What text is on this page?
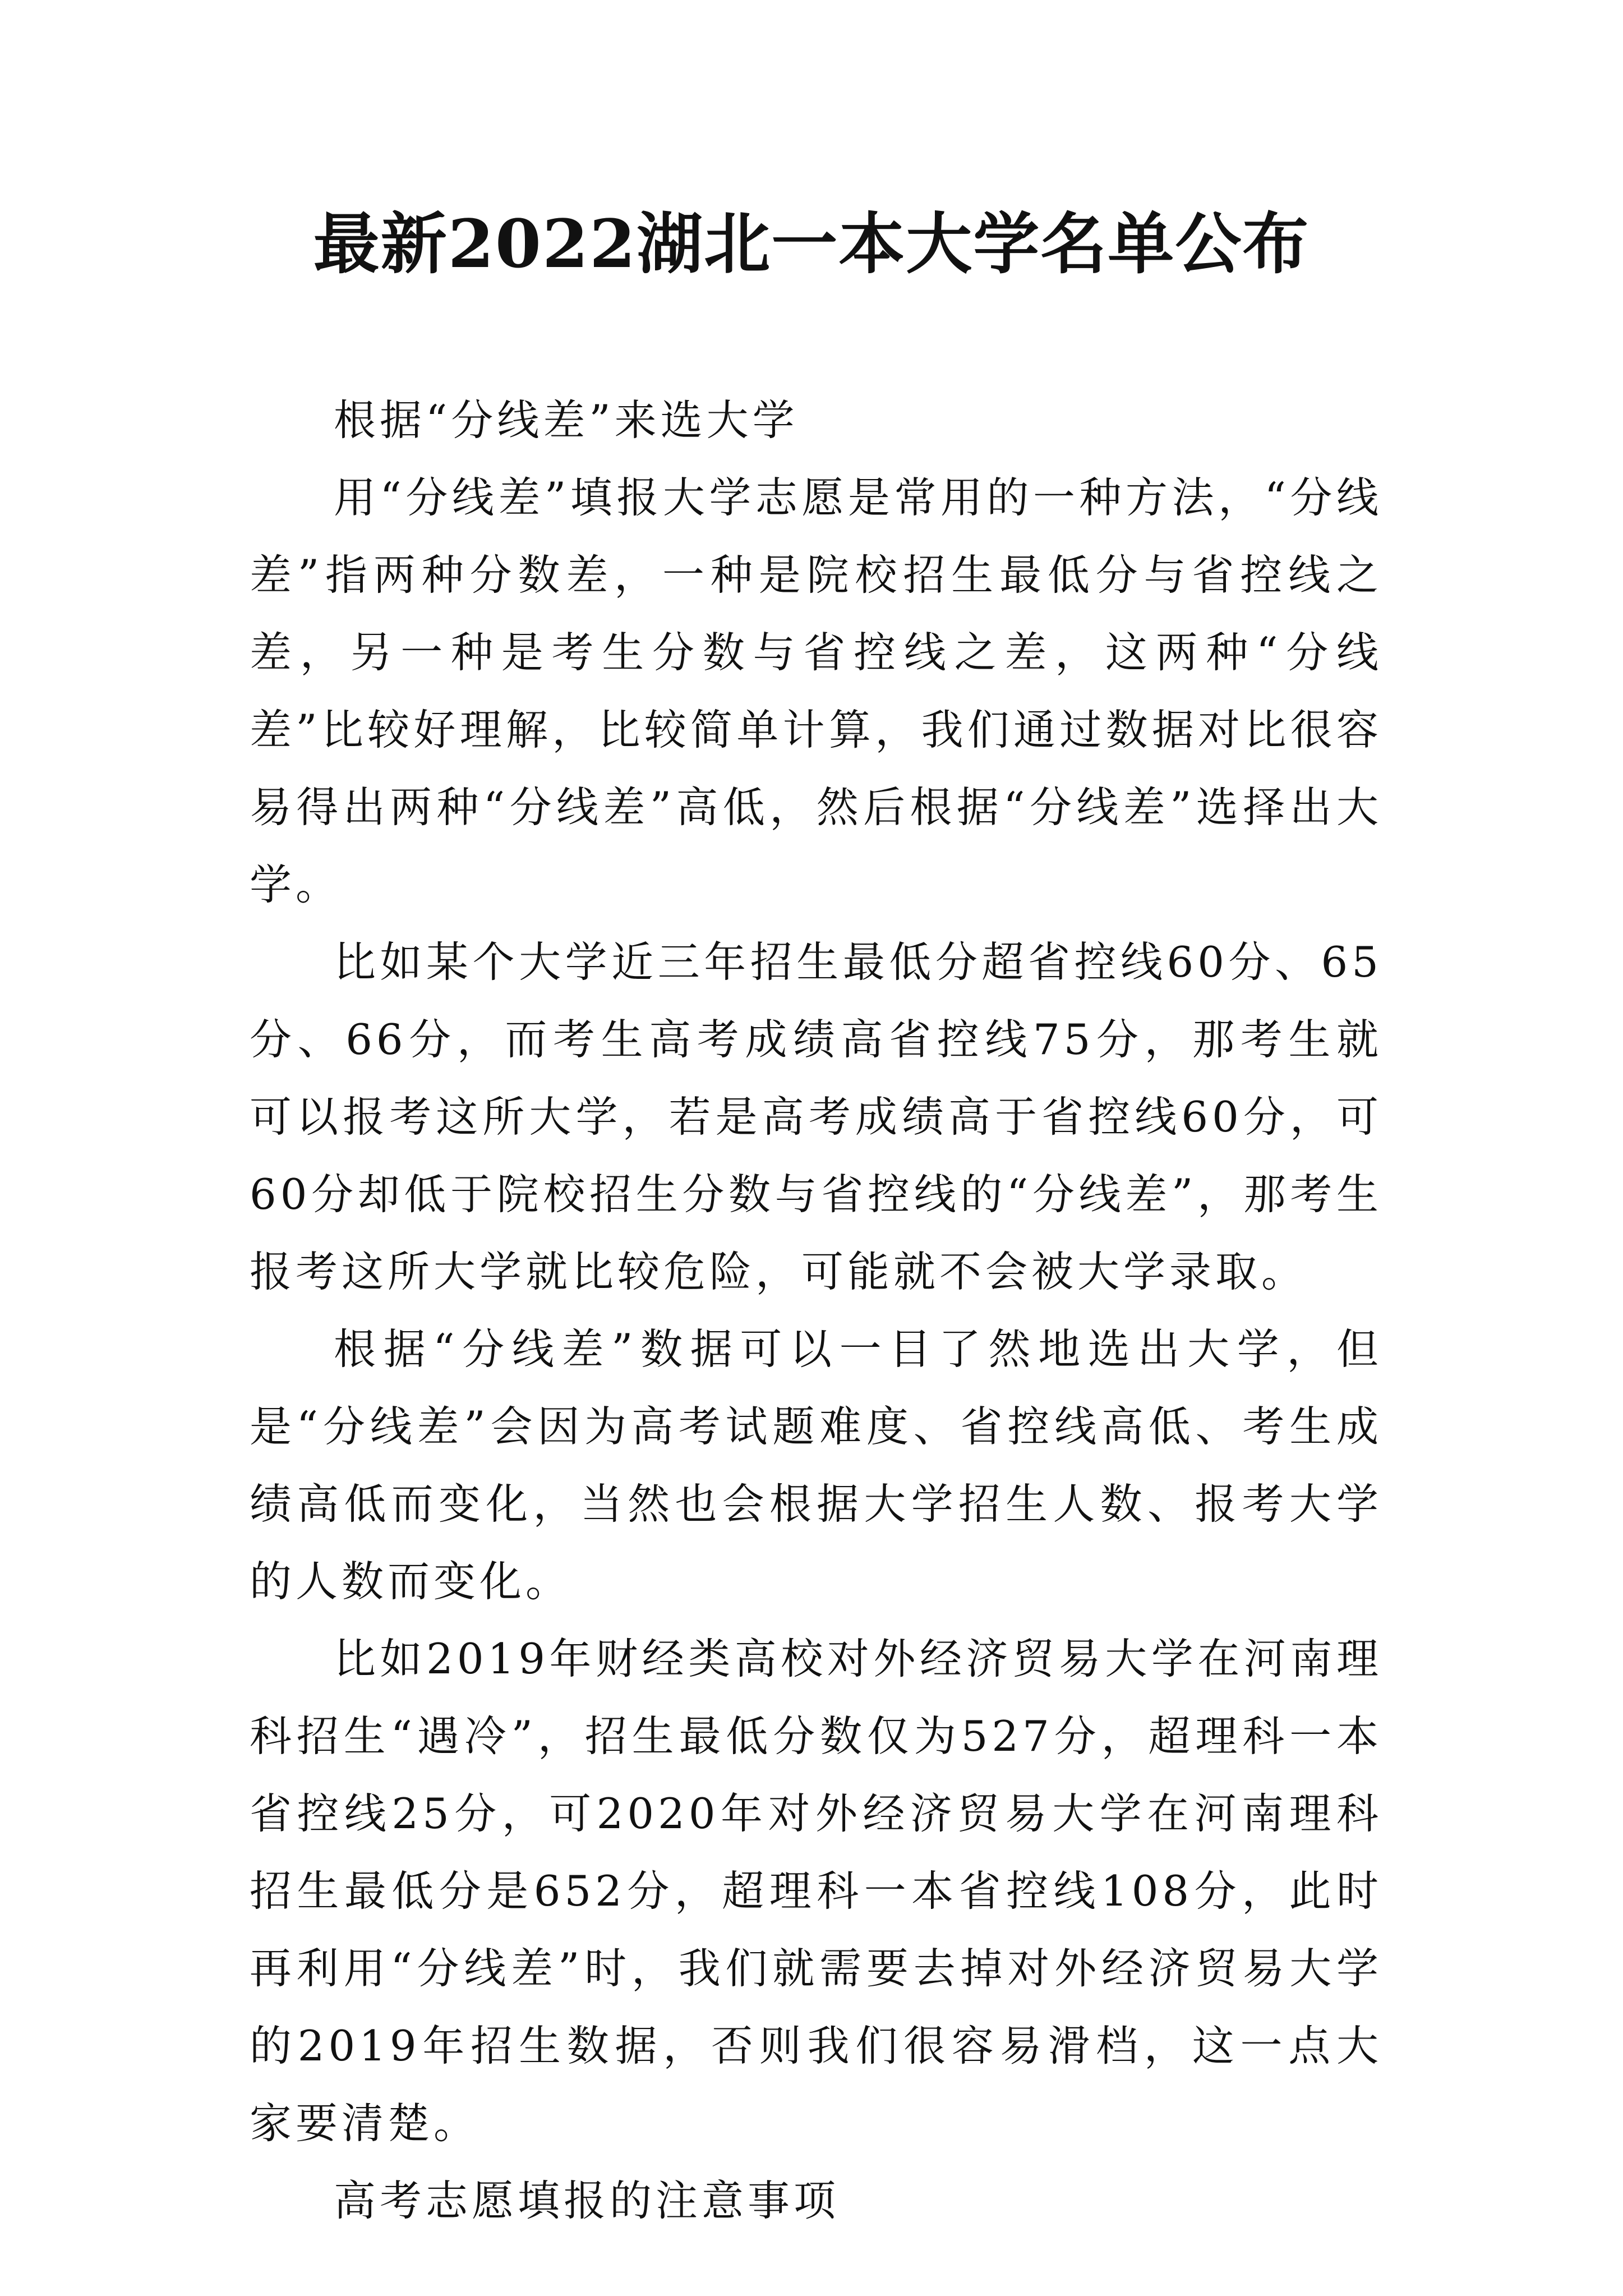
最新2022湖北一本大学名单公布

根据“分线差”来选大学

用“分线差”填报大学志愿是常用的一种方法，“分线差”指两种分数差，一种是院校招生最低分与省控线之差，另一种是考生分数与省控线之差，这两种“分线差”比较好理解，比较简单计算，我们通过数据对比很容易得出两种“分线差”高低，然后根据“分线差”选择出大学。

比如某个大学近三年招生最低分超省控线60分、65分、66分，而考生高考成绩高省控线75分，那考生就可以报考这所大学，若是高考成绩高于省控线60分，可60分却低于院校招生分数与省控线的“分线差”，那考生报考这所大学就比较危险，可能就不会被大学录取。

根据“分线差”数据可以一目了然地选出大学，但是“分线差”会因为高考试题难度、省控线高低、考生成绩高低而变化，当然也会根据大学招生人数、报考大学的人数而变化。

比如2019年财经类高校对外经济贸易大学在河南理科招生“遇冷”，招生最低分数仅为527分，超理科一本省控线25分，可2020年对外经济贸易大学在河南理科招生最低分是652分，超理科一本省控线108分，此时再利用“分线差”时，我们就需要去掉对外经济贸易大学的2019年招生数据，否则我们很容易滑档，这一点大家要清楚。

高考志愿填报的注意事项
